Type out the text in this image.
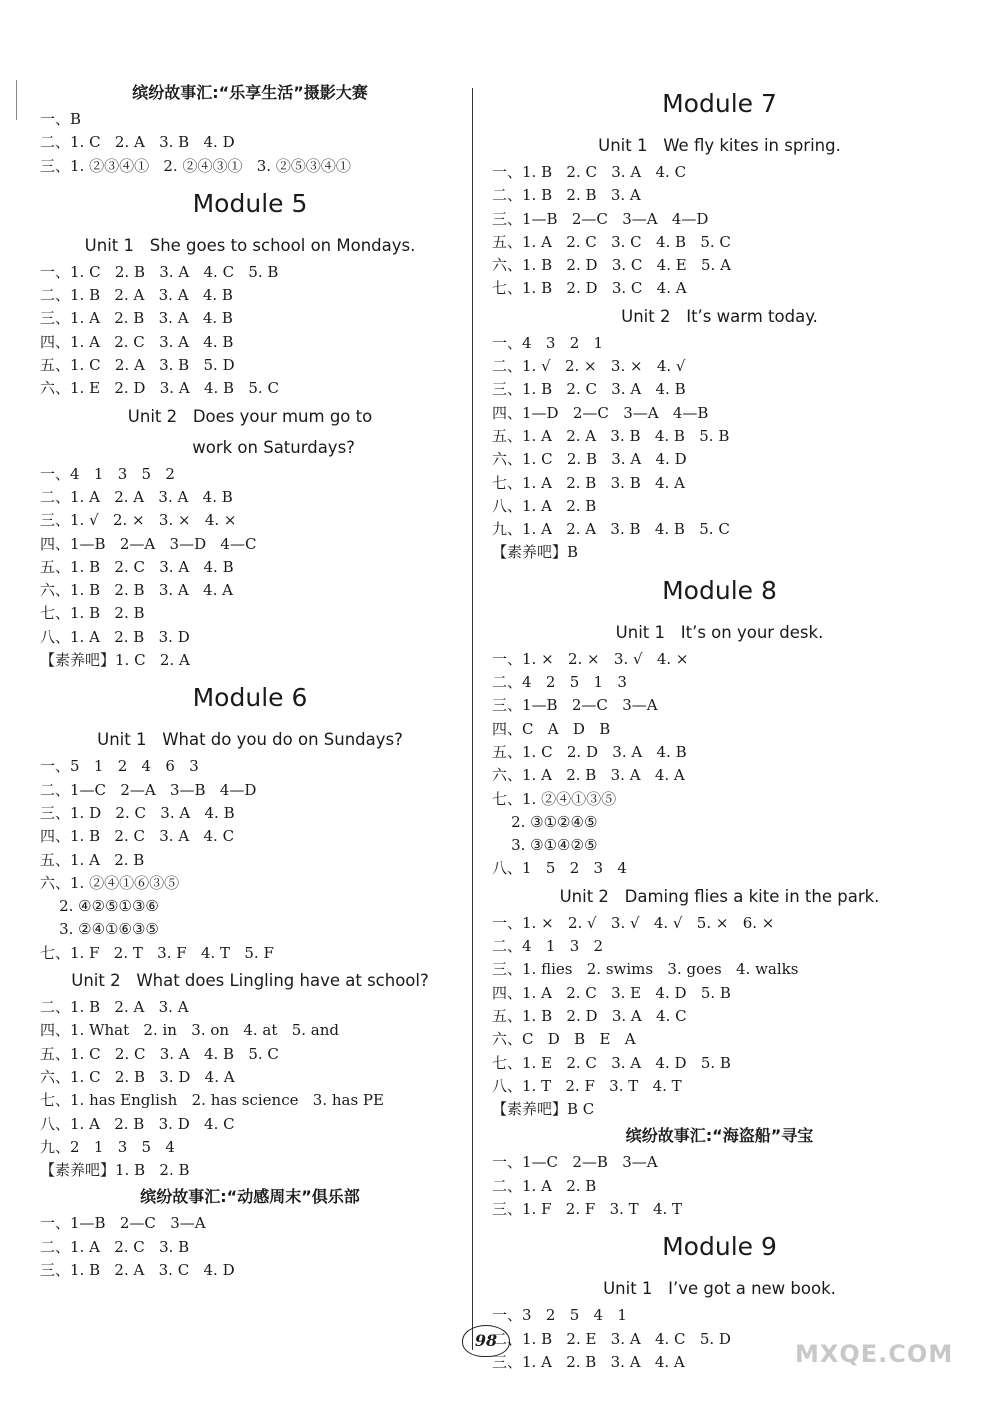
缤纷故事汇:“乐享生活”摄影大赛
一、B
二、1. C   2. A   3. B   4. D
三、1. ②③④①   2. ②④③①   3. ②⑤③④①
Module 5
Unit 1   She goes to school on Mondays.
一、1. C   2. B   3. A   4. C   5. B
二、1. B   2. A   3. A   4. B
三、1. A   2. B   3. A   4. B
四、1. A   2. C   3. A   4. B
五、1. C   2. A   3. B   5. D
六、1. E   2. D   3. A   4. B   5. C
Unit 2   Does your mum go to
work on Saturdays?
一、4   1   3   5   2
二、1. A   2. A   3. A   4. B
三、1. √   2. ×   3. ×   4. ×
四、1—B   2—A   3—D   4—C
五、1. B   2. C   3. A   4. B
六、1. B   2. B   3. A   4. A
七、1. B   2. B
八、1. A   2. B   3. D
【素养吧】1. C   2. A
Module 6
Unit 1   What do you do on Sundays?
一、5   1   2   4   6   3
二、1—C   2—A   3—B   4—D
三、1. D   2. C   3. A   4. B
四、1. B   2. C   3. A   4. C
五、1. A   2. B
六、1. ②④①⑥③⑤
2. ④②⑤①③⑥
3. ②④①⑥③⑤
七、1. F   2. T   3. F   4. T   5. F
Unit 2   What does Lingling have at school?
二、1. B   2. A   3. A
四、1. What   2. in   3. on   4. at   5. and
五、1. C   2. C   3. A   4. B   5. C
六、1. C   2. B   3. D   4. A
七、1. has English   2. has science   3. has PE
八、1. A   2. B   3. D   4. C
九、2   1   3   5   4
【素养吧】1. B   2. B
缤纷故事汇:“动感周末”俱乐部
一、1—B   2—C   3—A
二、1. A   2. C   3. B
三、1. B   2. A   3. C   4. D
Module 7
Unit 1   We fly kites in spring.
一、1. B   2. C   3. A   4. C
二、1. B   2. B   3. A
三、1—B   2—C   3—A   4—D
五、1. A   2. C   3. C   4. B   5. C
六、1. B   2. D   3. C   4. E   5. A
七、1. B   2. D   3. C   4. A
Unit 2   It’s warm today.
一、4   3   2   1
二、1. √   2. ×   3. ×   4. √
三、1. B   2. C   3. A   4. B
四、1—D   2—C   3—A   4—B
五、1. A   2. A   3. B   4. B   5. B
六、1. C   2. B   3. A   4. D
七、1. A   2. B   3. B   4. A
八、1. A   2. B
九、1. A   2. A   3. B   4. B   5. C
【素养吧】B
Module 8
Unit 1   It’s on your desk.
一、1. ×   2. ×   3. √   4. ×
二、4   2   5   1   3
三、1—B   2—C   3—A
四、C   A   D   B
五、1. C   2. D   3. A   4. B
六、1. A   2. B   3. A   4. A
七、1. ②④①③⑤
2. ③①②④⑤
3. ③①④②⑤
八、1   5   2   3   4
Unit 2   Daming flies a kite in the park.
一、1. ×   2. √   3. √   4. √   5. ×   6. ×
二、4   1   3   2
三、1. flies   2. swims   3. goes   4. walks
四、1. A   2. C   3. E   4. D   5. B
五、1. B   2. D   3. A   4. C
六、C   D   B   E   A
七、1. E   2. C   3. A   4. D   5. B
八、1. T   2. F   3. T   4. T
【素养吧】B C
缤纷故事汇:“海盗船”寻宝
一、1—C   2—B   3—A
二、1. A   2. B
三、1. F   2. F   3. T   4. T
Module 9
Unit 1   I’ve got a new book.
一、3   2   5   4   1
二、1. B   2. E   3. A   4. C   5. D
三、1. A   2. B   3. A   4. A
98	MXQE.COM
